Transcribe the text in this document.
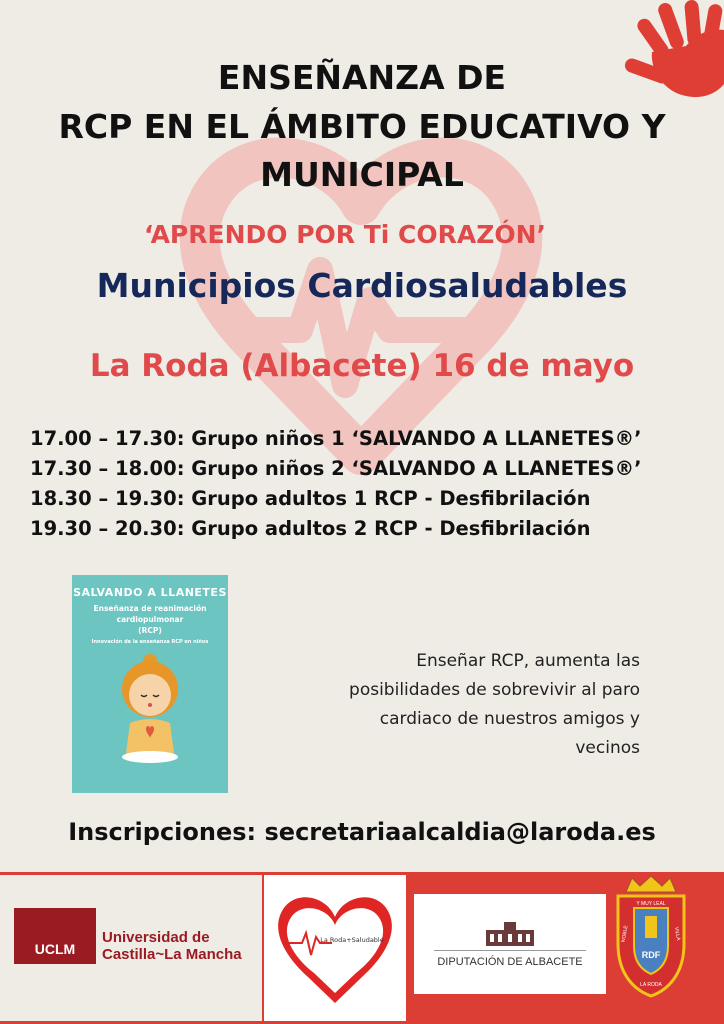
ENSEÑANZA DE
RCP EN EL ÁMBITO EDUCATIVO Y
MUNICIPAL
‘APRENDO POR Ti CORAZÓN’
Municipios Cardiosaludables
La Roda (Albacete) 16 de mayo
17.00 – 17.30: Grupo niños 1 ‘SALVANDO A LLANETES®’
17.30 – 18.00: Grupo niños 2 ‘SALVANDO A LLANETES®’
18.30 – 19.30: Grupo adultos 1 RCP - Desfibrilación
19.30 – 20.30: Grupo adultos 2 RCP - Desfibrilación
SALVANDO A LLANETES
Enseñanza de reanimación
cardiopulmonar
(RCP)
Innovación de la enseñanza RCP en niños
Enseñar RCP, aumenta las
posibilidades de sobrevivir al paro
cardiaco de nuestros amigos y
vecinos
Inscripciones: secretariaalcaldia@laroda.es
UCLM
Universidad de
Castilla~La Mancha
La Roda+Saludable
DIPUTACIÓN DE ALBACETE
RDF
Y MUY LEAL
LA RODA
NOBLE	VILLA
